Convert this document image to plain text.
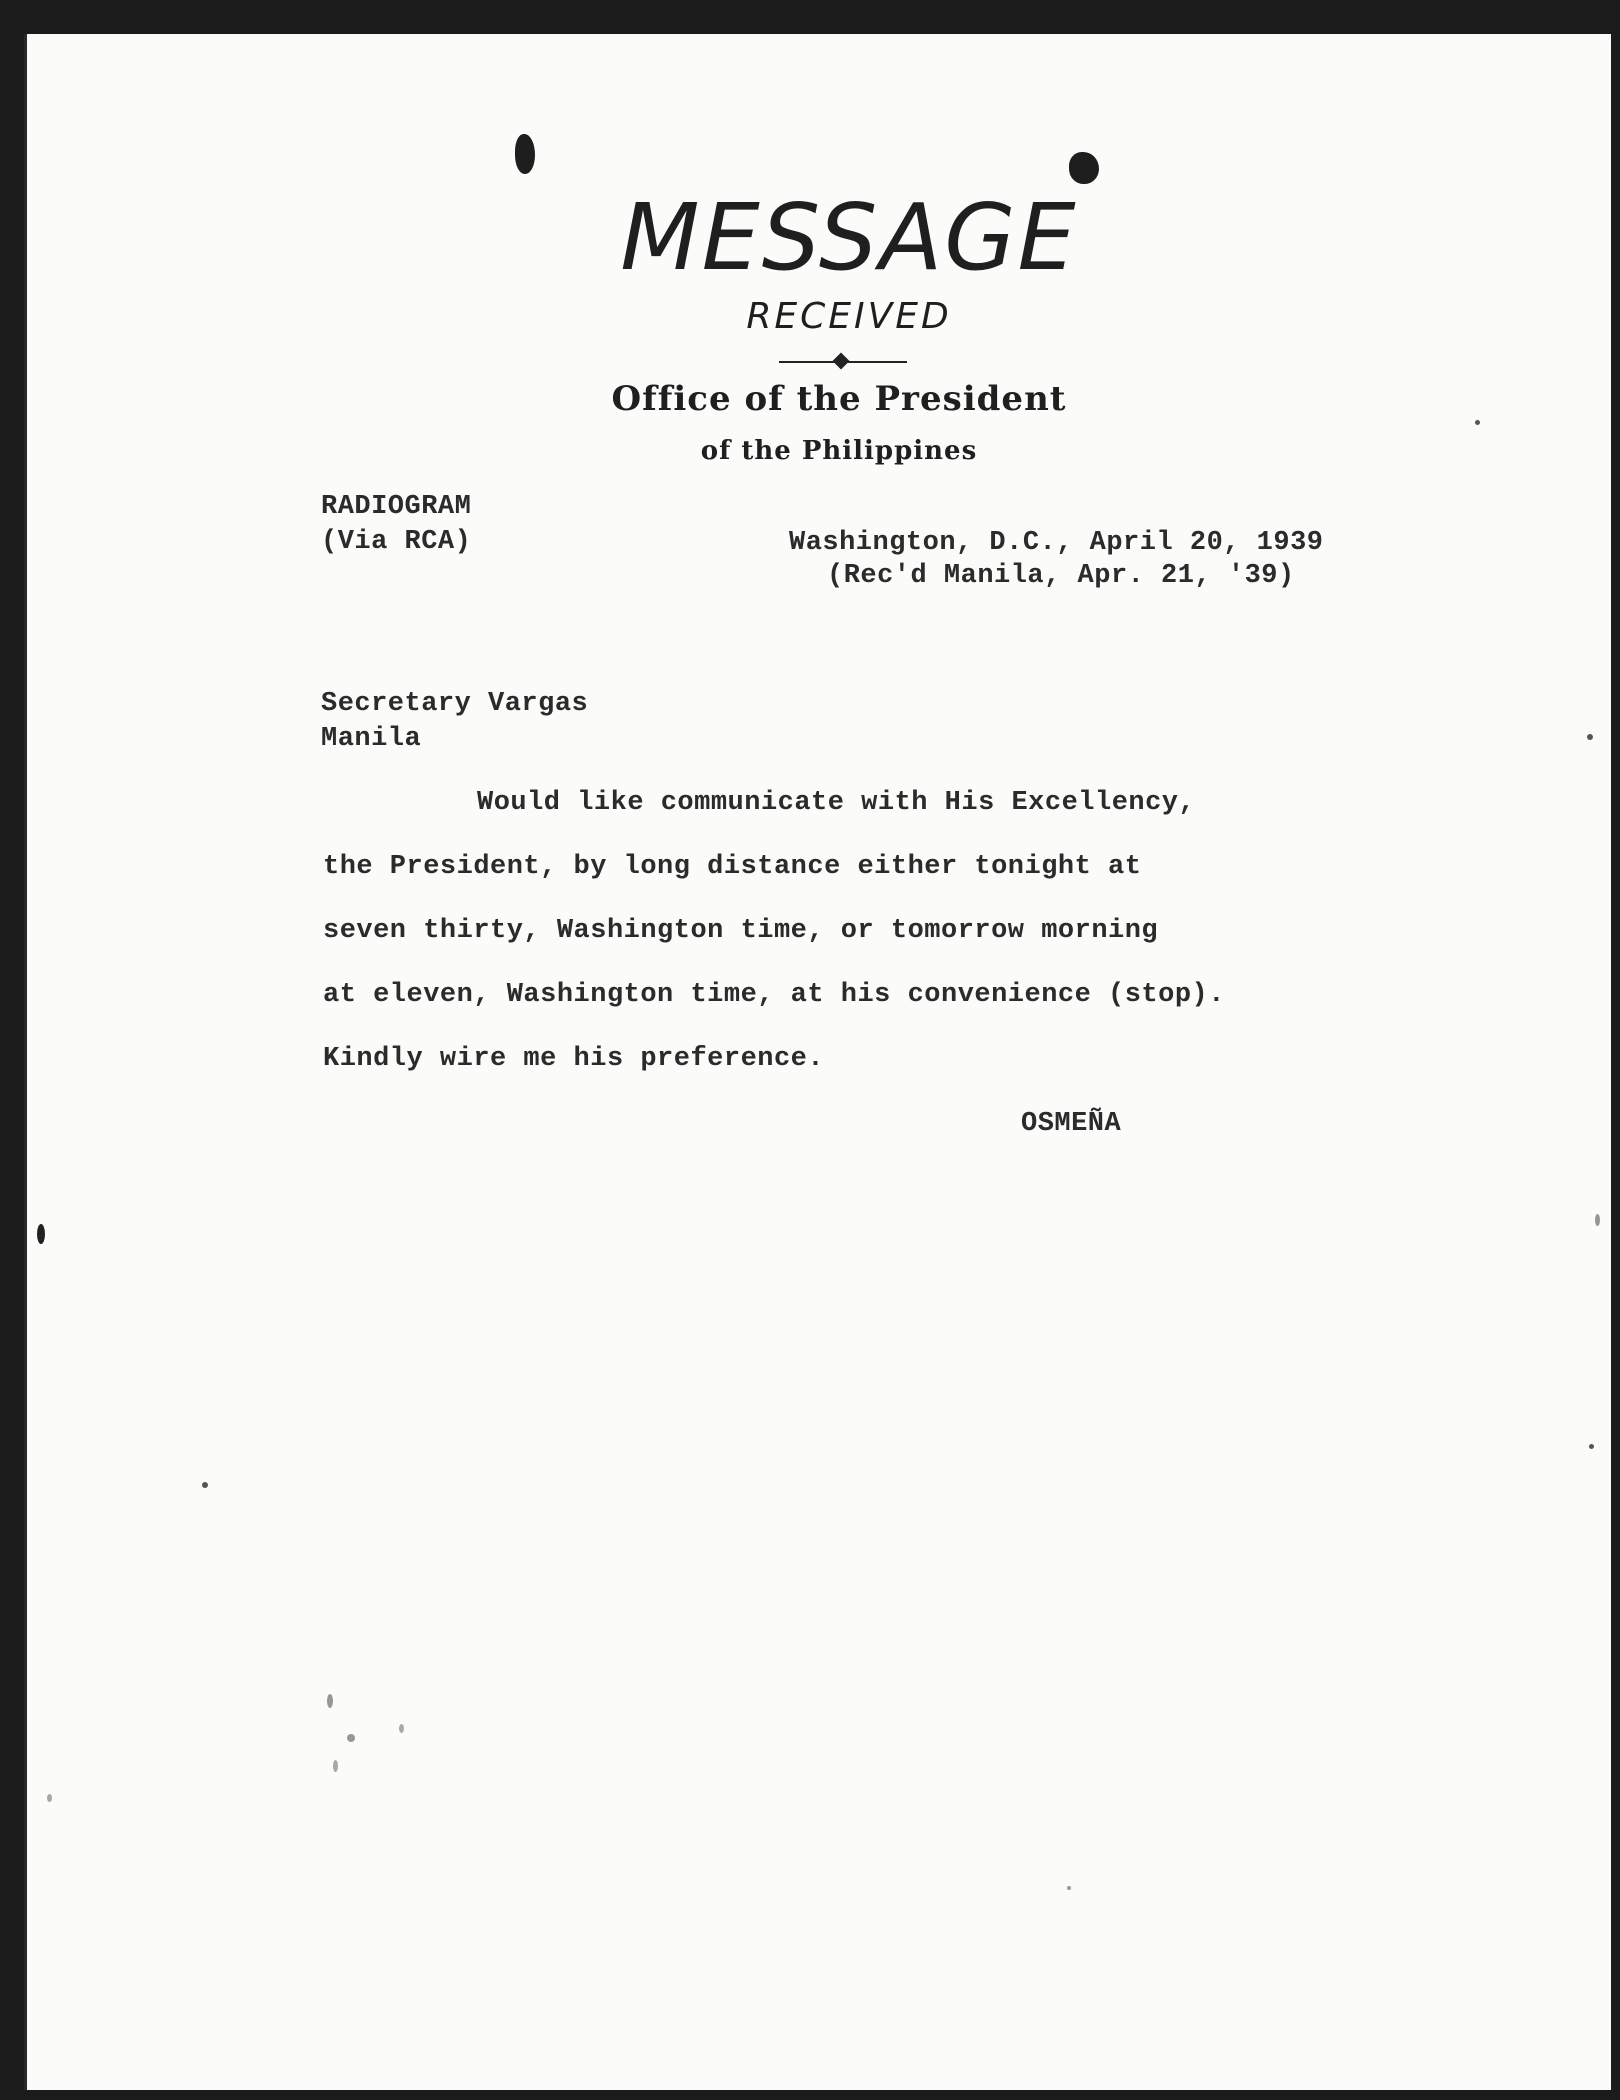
MESSAGE
RECEIVED
Office of the President
of the Philippines
RADIOGRAM
(Via RCA)	Washington, D.C., April 20, 1939
(Rec'd Manila, Apr. 21, '39)
Secretary Vargas
Manila
Would like communicate with His Excellency,
the President, by long distance either tonight at
seven thirty, Washington time, or tomorrow morning
at eleven, Washington time, at his convenience (stop).
Kindly wire me his preference.
OSMEÑA
